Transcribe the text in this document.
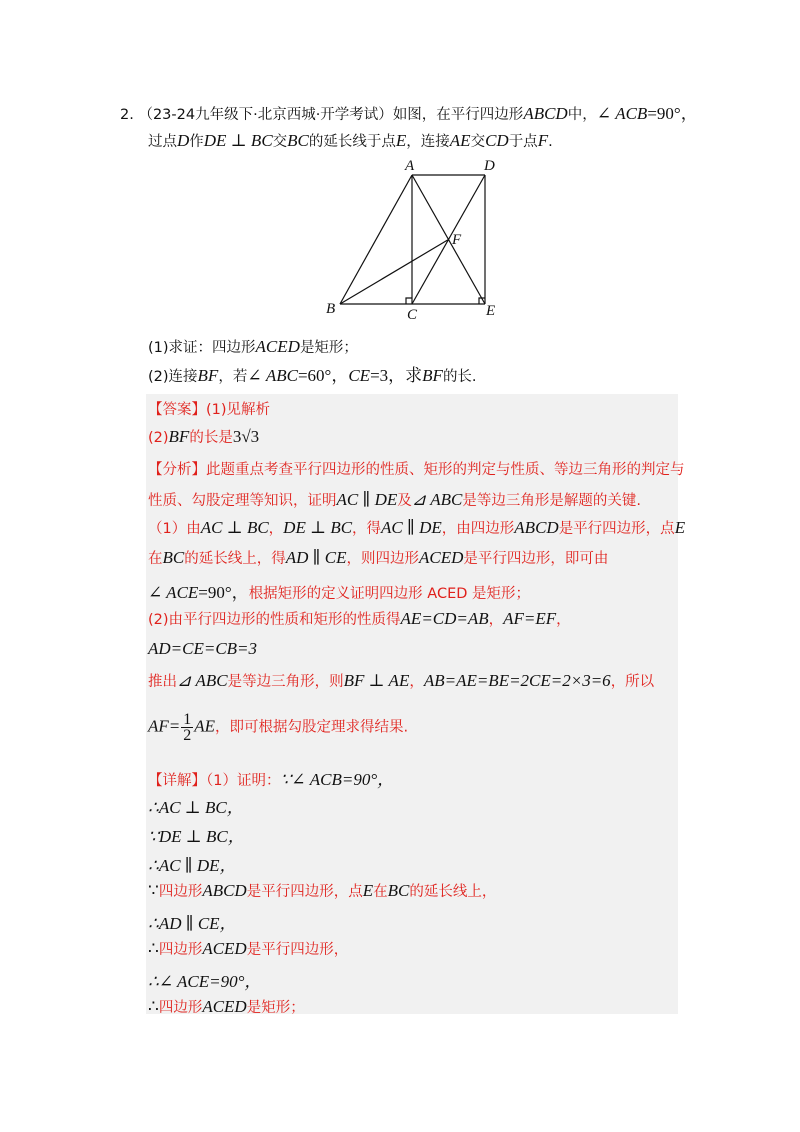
2. （23-24九年级下·北京西城·开学考试）如图，在平行四边形ABCD中，∠ ACB=90°，
过点D作DE ⊥ BC交BC的延长线于点E，连接AE交CD于点F.
A	D
F
B	C	E
(1)求证：四边形ACED是矩形；
(2)连接BF，若∠ ABC=60°，CE=3，求BF的长.
【答案】(1)见解析
(2)BF的长是3√3
【分析】此题重点考查平行四边形的性质、矩形的判定与性质、等边三角形的判定与
性质、勾股定理等知识，证明AC ∥ DE及⊿ ABC是等边三角形是解题的关键.
（1）由AC ⊥ BC，DE ⊥ BC，得AC ∥ DE，由四边形ABCD是平行四边形，点E
在BC的延长线上，得AD ∥ CE，则四边形ACED是平行四边形，即可由
∠ ACE=90°，根据矩形的定义证明四边形 ACED 是矩形；
(2)由平行四边形的性质和矩形的性质得AE=CD=AB，AF=EF，
AD=CE=CB=3
推出⊿ ABC是等边三角形，则BF ⊥ AE，AB=AE=BE=2CE=2×3=6，所以
$AF= \frac{1}{2}$ AE，即可根据勾股定理求得结果.
【详解】（1）证明：∵∠ ACB=90°，
∴AC ⊥ BC，
∵DE ⊥ BC，
∴AC ∥ DE，
∵四边形ABCD是平行四边形，点E在BC的延长线上，
∴AD ∥ CE，
∴四边形ACED是平行四边形，
∴∠ ACE=90°，
∴四边形ACED是矩形；
